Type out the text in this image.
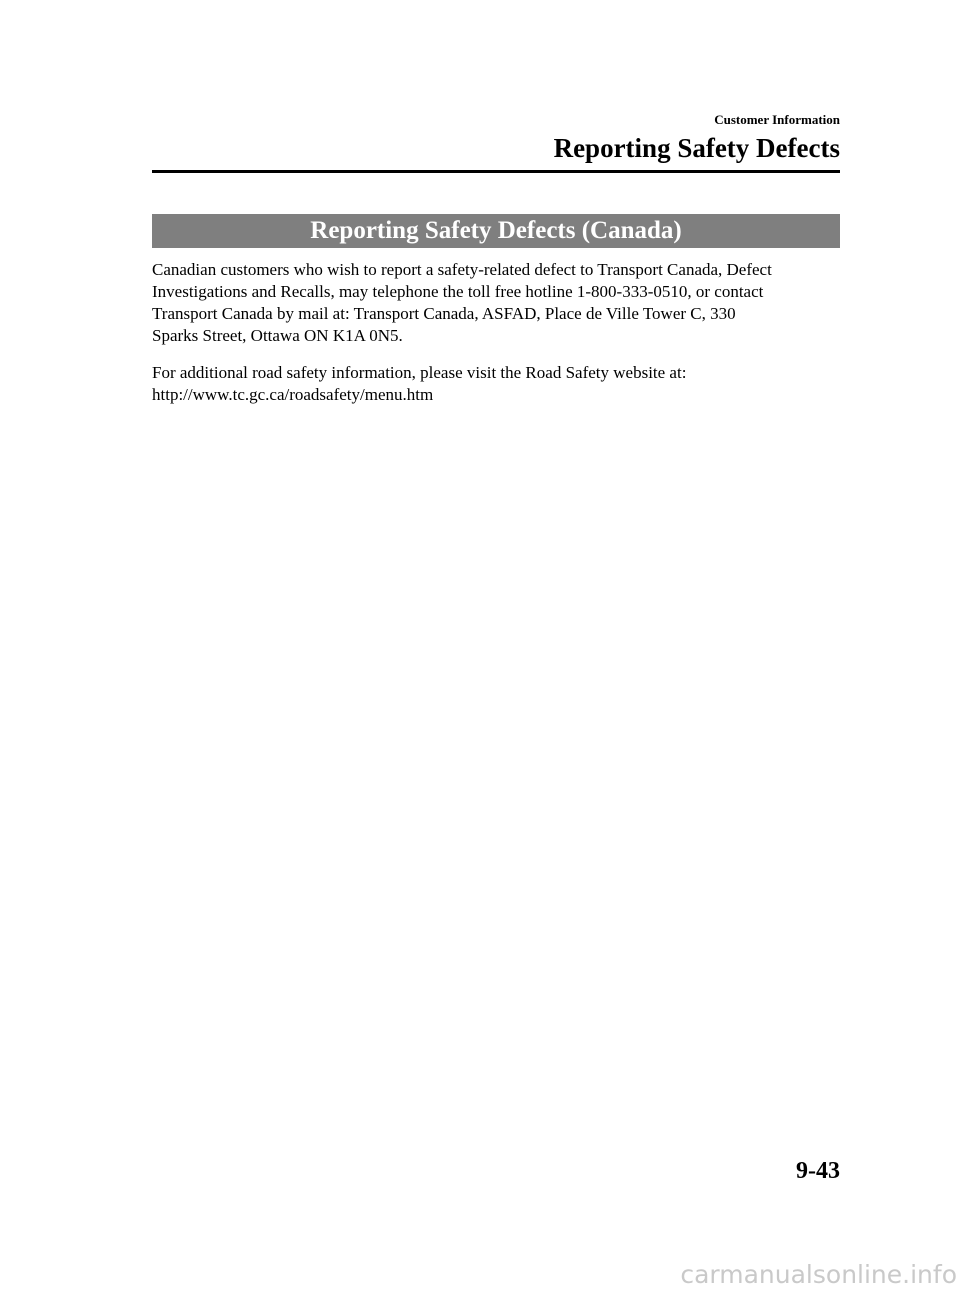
Customer Information
Reporting Safety Defects
Reporting Safety Defects (Canada)
Canadian customers who wish to report a safety-related defect to Transport Canada, Defect
Investigations and Recalls, may telephone the toll free hotline 1-800-333-0510, or contact
Transport Canada by mail at: Transport Canada, ASFAD, Place de Ville Tower C, 330
Sparks Street, Ottawa ON K1A 0N5.
For additional road safety information, please visit the Road Safety website at:
http://www.tc.gc.ca/roadsafety/menu.htm
9-43
carmanualsonline.info
